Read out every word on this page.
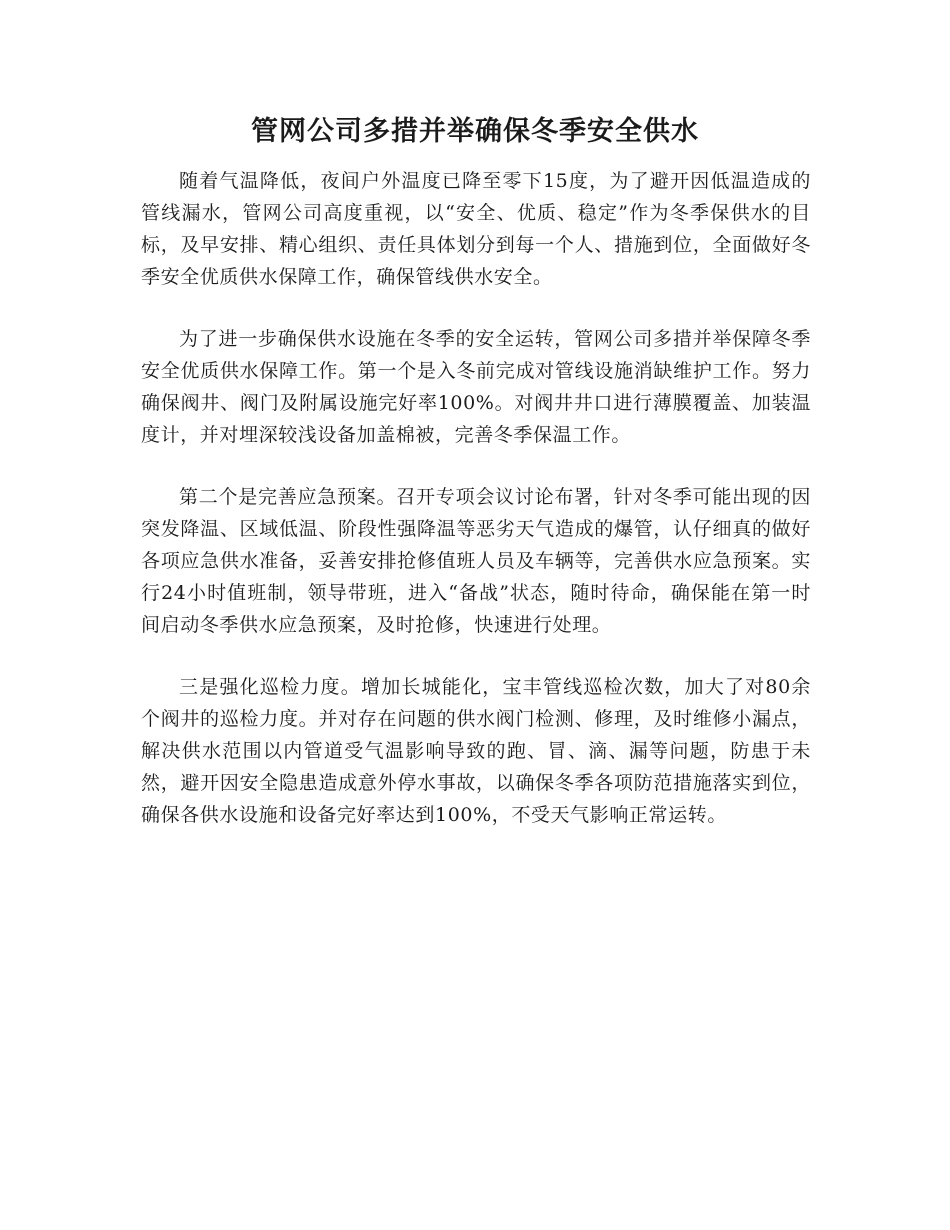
管网公司多措并举确保冬季安全供水

随着气温降低，夜间户外温度已降至零下15度，为了避开因低温造成的管线漏水，管网公司高度重视，以“安全、优质、稳定”作为冬季保供水的目标，及早安排、精心组织、责任具体划分到每一个人、措施到位，全面做好冬季安全优质供水保障工作，确保管线供水安全。

为了进一步确保供水设施在冬季的安全运转，管网公司多措并举保障冬季安全优质供水保障工作。第一个是入冬前完成对管线设施消缺维护工作。努力确保阀井、阀门及附属设施完好率100%。对阀井井口进行薄膜覆盖、加装温度计，并对埋深较浅设备加盖棉被，完善冬季保温工作。

第二个是完善应急预案。召开专项会议讨论布署，针对冬季可能出现的因突发降温、区域低温、阶段性强降温等恶劣天气造成的爆管，认仔细真的做好各项应急供水准备，妥善安排抢修值班人员及车辆等，完善供水应急预案。实行24小时值班制，领导带班，进入“备战”状态，随时待命，确保能在第一时间启动冬季供水应急预案，及时抢修，快速进行处理。

三是强化巡检力度。增加长城能化，宝丰管线巡检次数，加大了对80余个阀井的巡检力度。并对存在问题的供水阀门检测、修理，及时维修小漏点，解决供水范围以内管道受气温影响导致的跑、冒、滴、漏等问题，防患于未然，避开因安全隐患造成意外停水事故，以确保冬季各项防范措施落实到位，确保各供水设施和设备完好率达到100%，不受天气影响正常运转。
